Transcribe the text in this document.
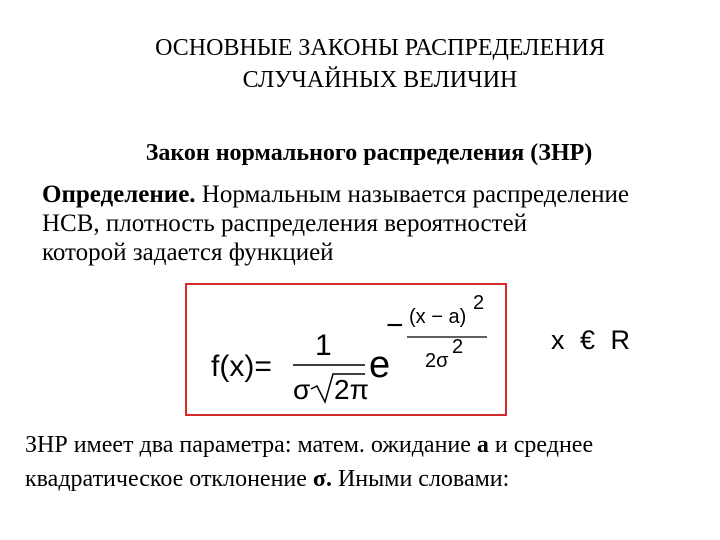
ОСНОВНЫЕ ЗАКОНЫ РАСПРЕДЕЛЕНИЯ
СЛУЧАЙНЫХ ВЕЛИЧИН
Закон нормального распределения (ЗНР)
Определение. Нормальным называется распределение
НСВ, плотность распределения вероятностей
которой задается функцией
f(x)=
1
σ 2π
e
− (x − a)
2
2σ
2	x € R
ЗНР имеет два параметра: матем. ожидание а и среднее
квадратическое отклонение σ. Иными словами:
